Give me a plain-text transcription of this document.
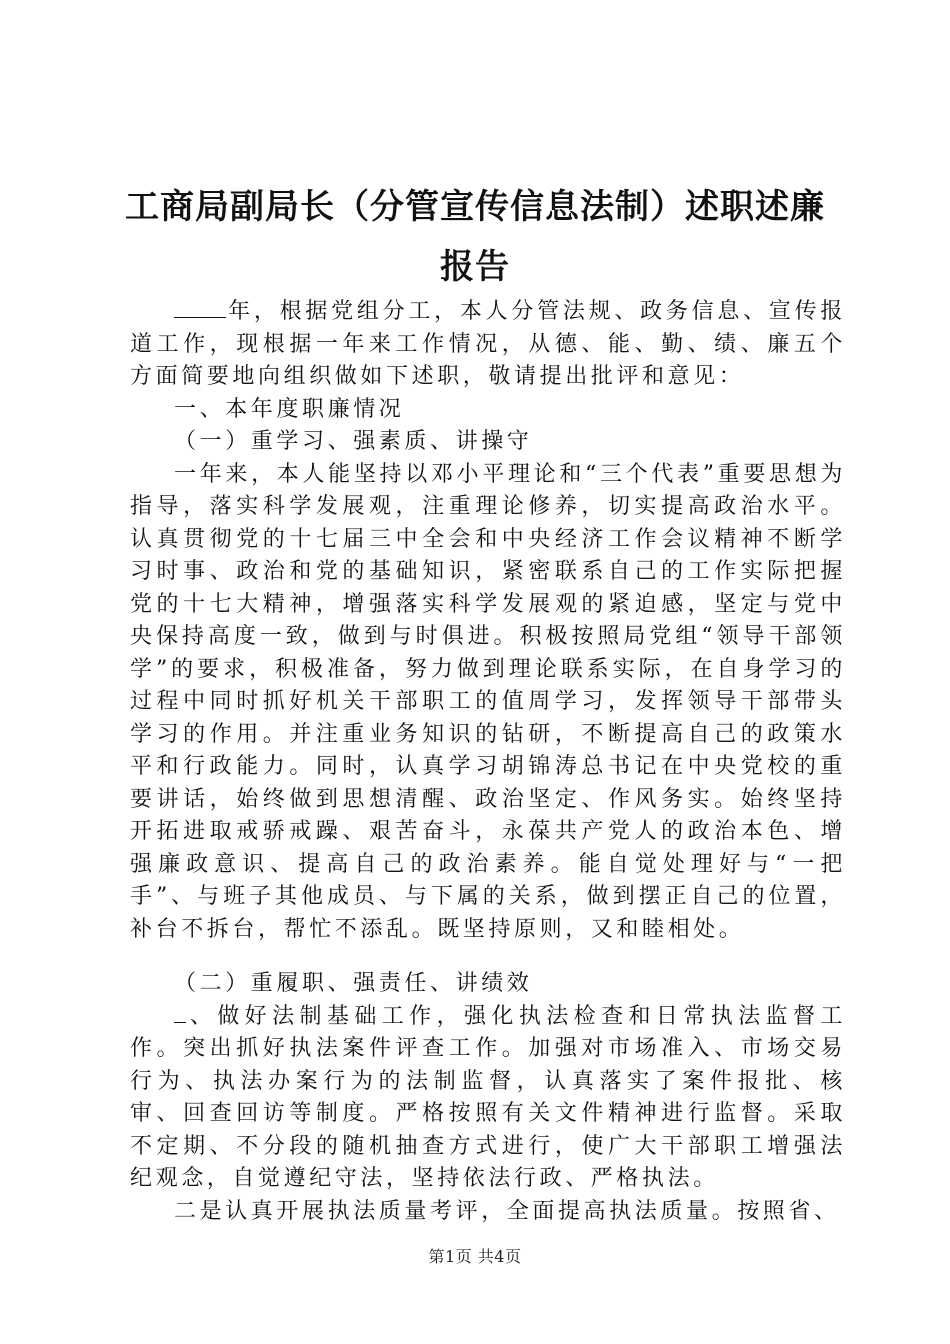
工商局副局长（分管宣传信息法制）述职述廉
报告

年，根据党组分工，本人分管法规、政务信息、宣传报道工作，现根据一年来工作情况，从德、能、勤、绩、廉五个方面简要地向组织做如下述职，敬请提出批评和意见：

一、本年度职廉情况

（一）重学习、强素质、讲操守

一年来，本人能坚持以邓小平理论和“三个代表”重要思想为指导，落实科学发展观，注重理论修养，切实提高政治水平。认真贯彻党的十七届三中全会和中央经济工作会议精神不断学习时事、政治和党的基础知识，紧密联系自己的工作实际把握党的十七大精神，增强落实科学发展观的紧迫感，坚定与党中央保持高度一致，做到与时俱进。积极按照局党组“领导干部领学”的要求，积极准备，努力做到理论联系实际，在自身学习的过程中同时抓好机关干部职工的值周学习，发挥领导干部带头学习的作用。并注重业务知识的钻研，不断提高自己的政策水平和行政能力。同时，认真学习胡锦涛总书记在中央党校的重要讲话，始终做到思想清醒、政治坚定、作风务实。始终坚持开拓进取戒骄戒躁、艰苦奋斗，永葆共产党人的政治本色、增强廉政意识、提高自己的政治素养。能自觉处理好与“一把手”、与班子其他成员、与下属的关系，做到摆正自己的位置，补台不拆台，帮忙不添乱。既坚持原则，又和睦相处。

（二）重履职、强责任、讲绩效

、做好法制基础工作，强化执法检查和日常执法监督工作。突出抓好执法案件评查工作。加强对市场准入、市场交易行为、执法办案行为的法制监督，认真落实了案件报批、核审、回查回访等制度。严格按照有关文件精神进行监督。采取不定期、不分段的随机抽查方式进行，使广大干部职工增强法纪观念，自觉遵纪守法，坚持依法行政、严格执法。

二是认真开展执法质量考评，全面提高执法质量。按照省、

第1页 共4页
